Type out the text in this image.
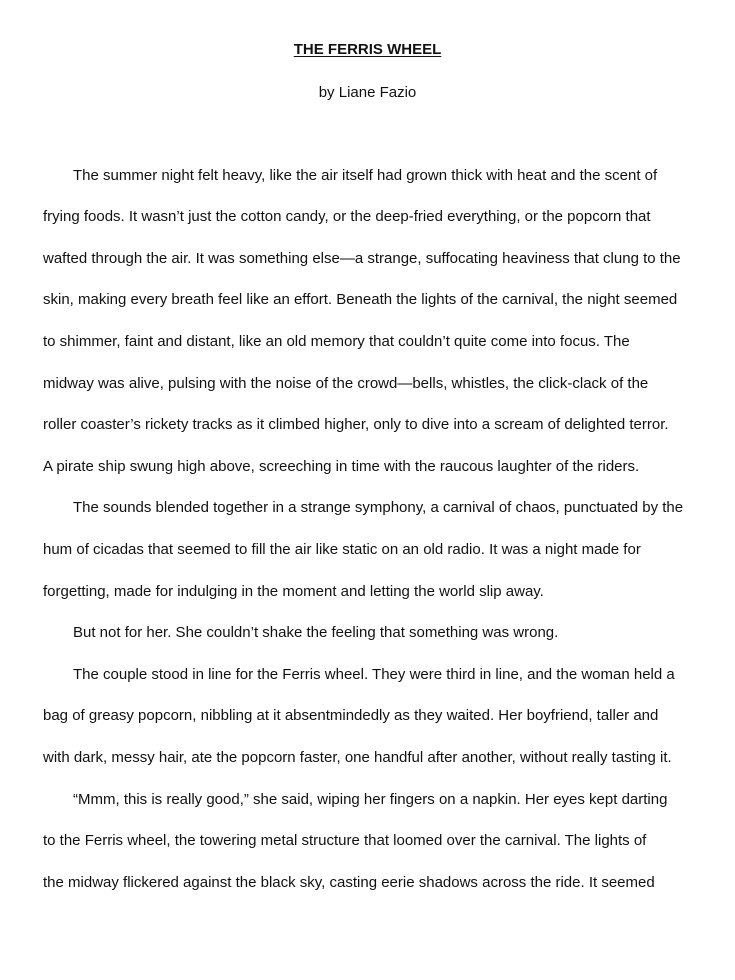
THE FERRIS WHEEL
by Liane Fazio
The summer night felt heavy, like the air itself had grown thick with heat and the scent of
frying foods. It wasn’t just the cotton candy, or the deep-fried everything, or the popcorn that
wafted through the air. It was something else—a strange, suffocating heaviness that clung to the
skin, making every breath feel like an effort. Beneath the lights of the carnival, the night seemed
to shimmer, faint and distant, like an old memory that couldn’t quite come into focus. The
midway was alive, pulsing with the noise of the crowd—bells, whistles, the click-clack of the
roller coaster’s rickety tracks as it climbed higher, only to dive into a scream of delighted terror.
A pirate ship swung high above, screeching in time with the raucous laughter of the riders.
The sounds blended together in a strange symphony, a carnival of chaos, punctuated by the
hum of cicadas that seemed to fill the air like static on an old radio. It was a night made for
forgetting, made for indulging in the moment and letting the world slip away.
But not for her. She couldn’t shake the feeling that something was wrong.
The couple stood in line for the Ferris wheel. They were third in line, and the woman held a
bag of greasy popcorn, nibbling at it absentmindedly as they waited. Her boyfriend, taller and
with dark, messy hair, ate the popcorn faster, one handful after another, without really tasting it.
“Mmm, this is really good,” she said, wiping her fingers on a napkin. Her eyes kept darting
to the Ferris wheel, the towering metal structure that loomed over the carnival. The lights of
the midway flickered against the black sky, casting eerie shadows across the ride. It seemed
